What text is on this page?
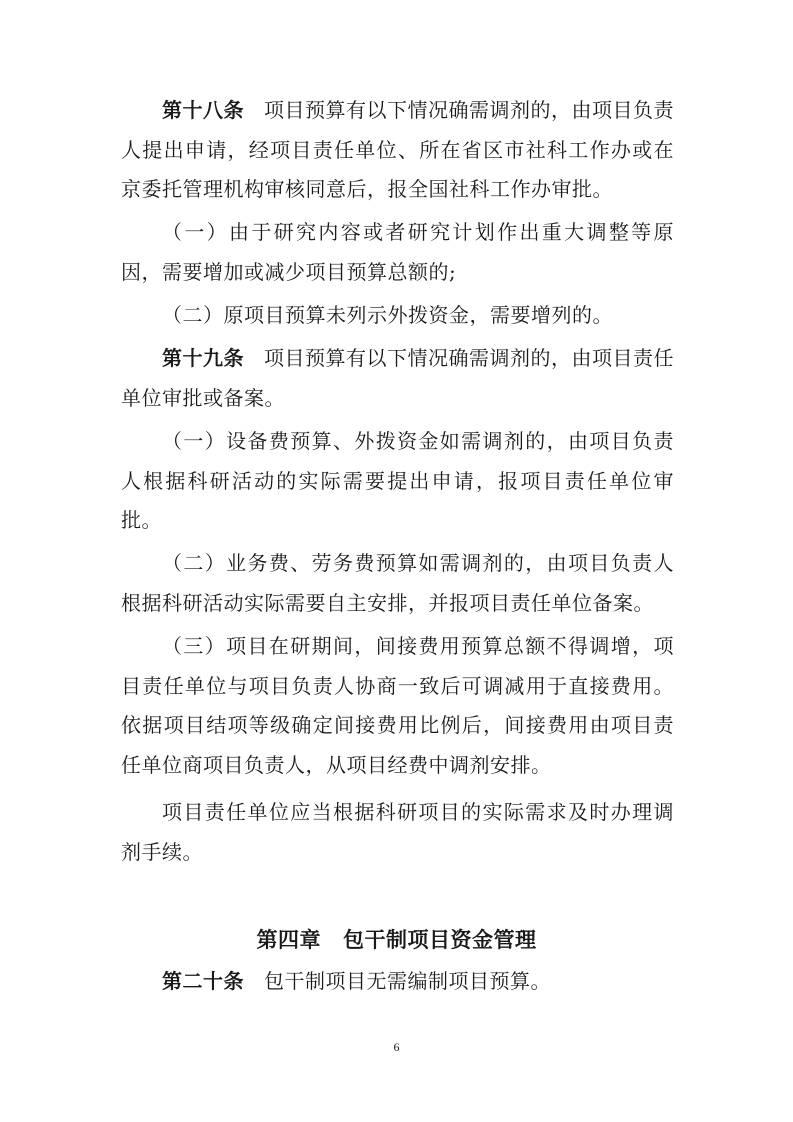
第十八条 项目预算有以下情况确需调剂的，由项目负责人提出申请，经项目责任单位、所在省区市社科工作办或在京委托管理机构审核同意后，报全国社科工作办审批。

（一）由于研究内容或者研究计划作出重大调整等原因，需要增加或减少项目预算总额的;

（二）原项目预算未列示外拨资金，需要增列的。

第十九条 项目预算有以下情况确需调剂的，由项目责任单位审批或备案。

（一）设备费预算、外拨资金如需调剂的，由项目负责人根据科研活动的实际需要提出申请，报项目责任单位审批。

（二）业务费、劳务费预算如需调剂的，由项目负责人根据科研活动实际需要自主安排，并报项目责任单位备案。

（三）项目在研期间，间接费用预算总额不得调增，项目责任单位与项目负责人协商一致后可调减用于直接费用。依据项目结项等级确定间接费用比例后，间接费用由项目责任单位商项目负责人，从项目经费中调剂安排。

项目责任单位应当根据科研项目的实际需求及时办理调剂手续。

第四章 包干制项目资金管理

第二十条 包干制项目无需编制项目预算。

6
